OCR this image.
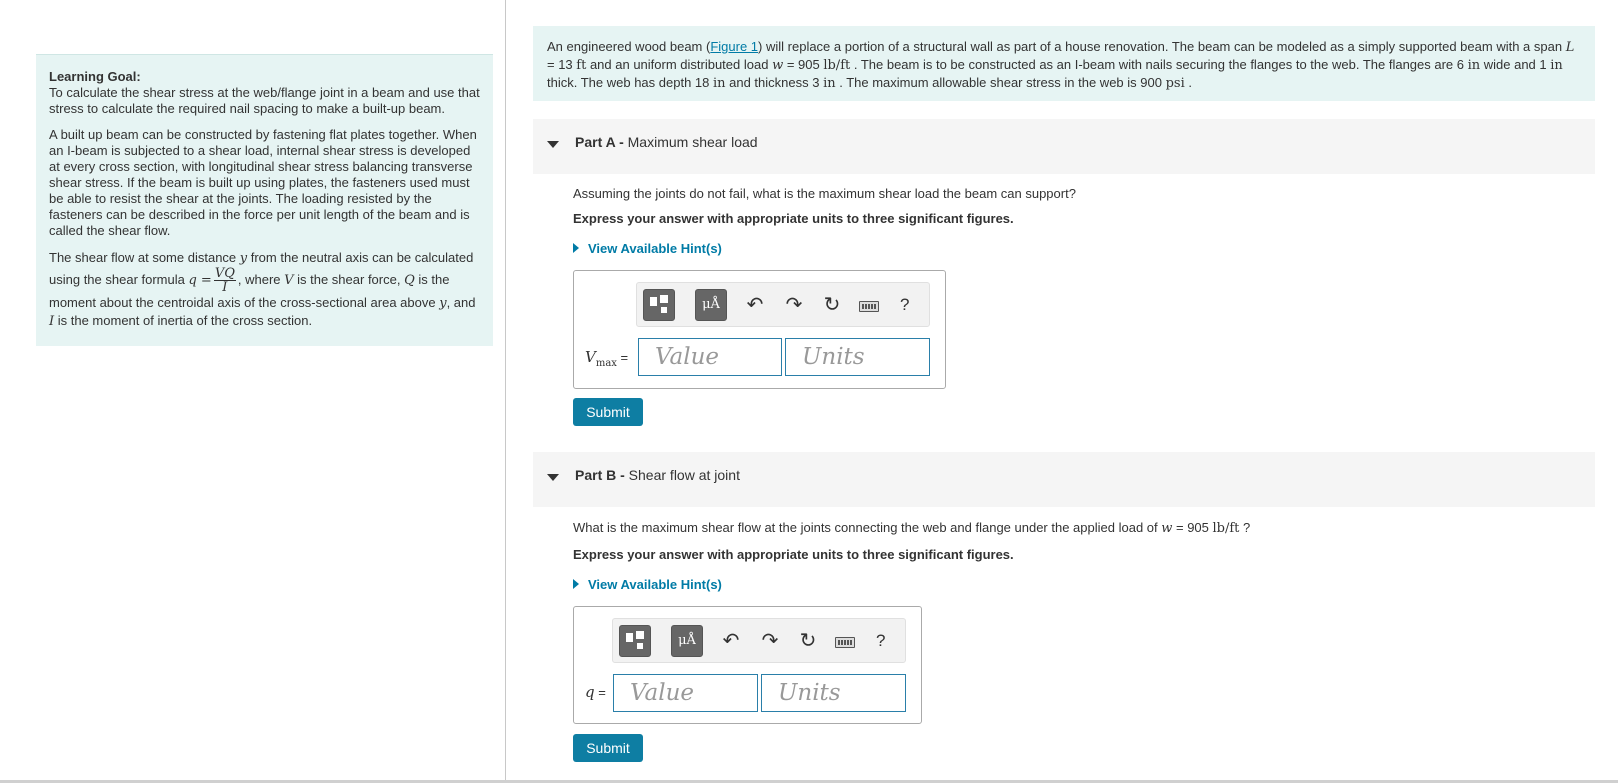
Learning Goal:
To calculate the shear stress at the web/flange joint in a beam and use that stress to calculate the required nail spacing to make a built-up beam.

A built up beam can be constructed by fastening flat plates together. When an I-beam is subjected to a shear load, internal shear stress is developed at every cross section, with longitudinal shear stress balancing transverse shear stress. If the beam is built up using plates, the fasteners used must be able to resist the shear at the joints. The loading resisted by the fasteners can be described in the force per unit length of the beam and is called the shear flow.

The shear flow at some distance y from the neutral axis can be calculated using the shear formula $q = \frac{VQ}{I}$ , where V is the shear force, Q is the moment about the centroidal axis of the cross-sectional area above y, and I is the moment of inertia of the cross section.

An engineered wood beam (Figure 1) will replace a portion of a structural wall as part of a house renovation. The beam can be modeled as a simply supported beam with a span L = 13 ft and an uniform distributed load w = 905 lb/ft . The beam is to be constructed as an I-beam with nails securing the flanges to the web. The flanges are 6 in wide and 1 in thick. The web has depth 18 in and thickness 3 in . The maximum allowable shear stress in the web is 900 psi .
Part A - Maximum shear load
Assuming the joints do not fail, what is the maximum shear load the beam can support?
Express your answer with appropriate units to three significant figures.
View Available Hint(s)
μÅ	↶ ↷ ↻	?
$V_{max}$ =
Value
Units
Submit
Part B - Shear flow at joint
What is the maximum shear flow at the joints connecting the web and flange under the applied load of w = 905 lb/ft ?
Express your answer with appropriate units to three significant figures.
View Available Hint(s)
μÅ	↶ ↷ ↻	?
q =
Value
Units
Submit
